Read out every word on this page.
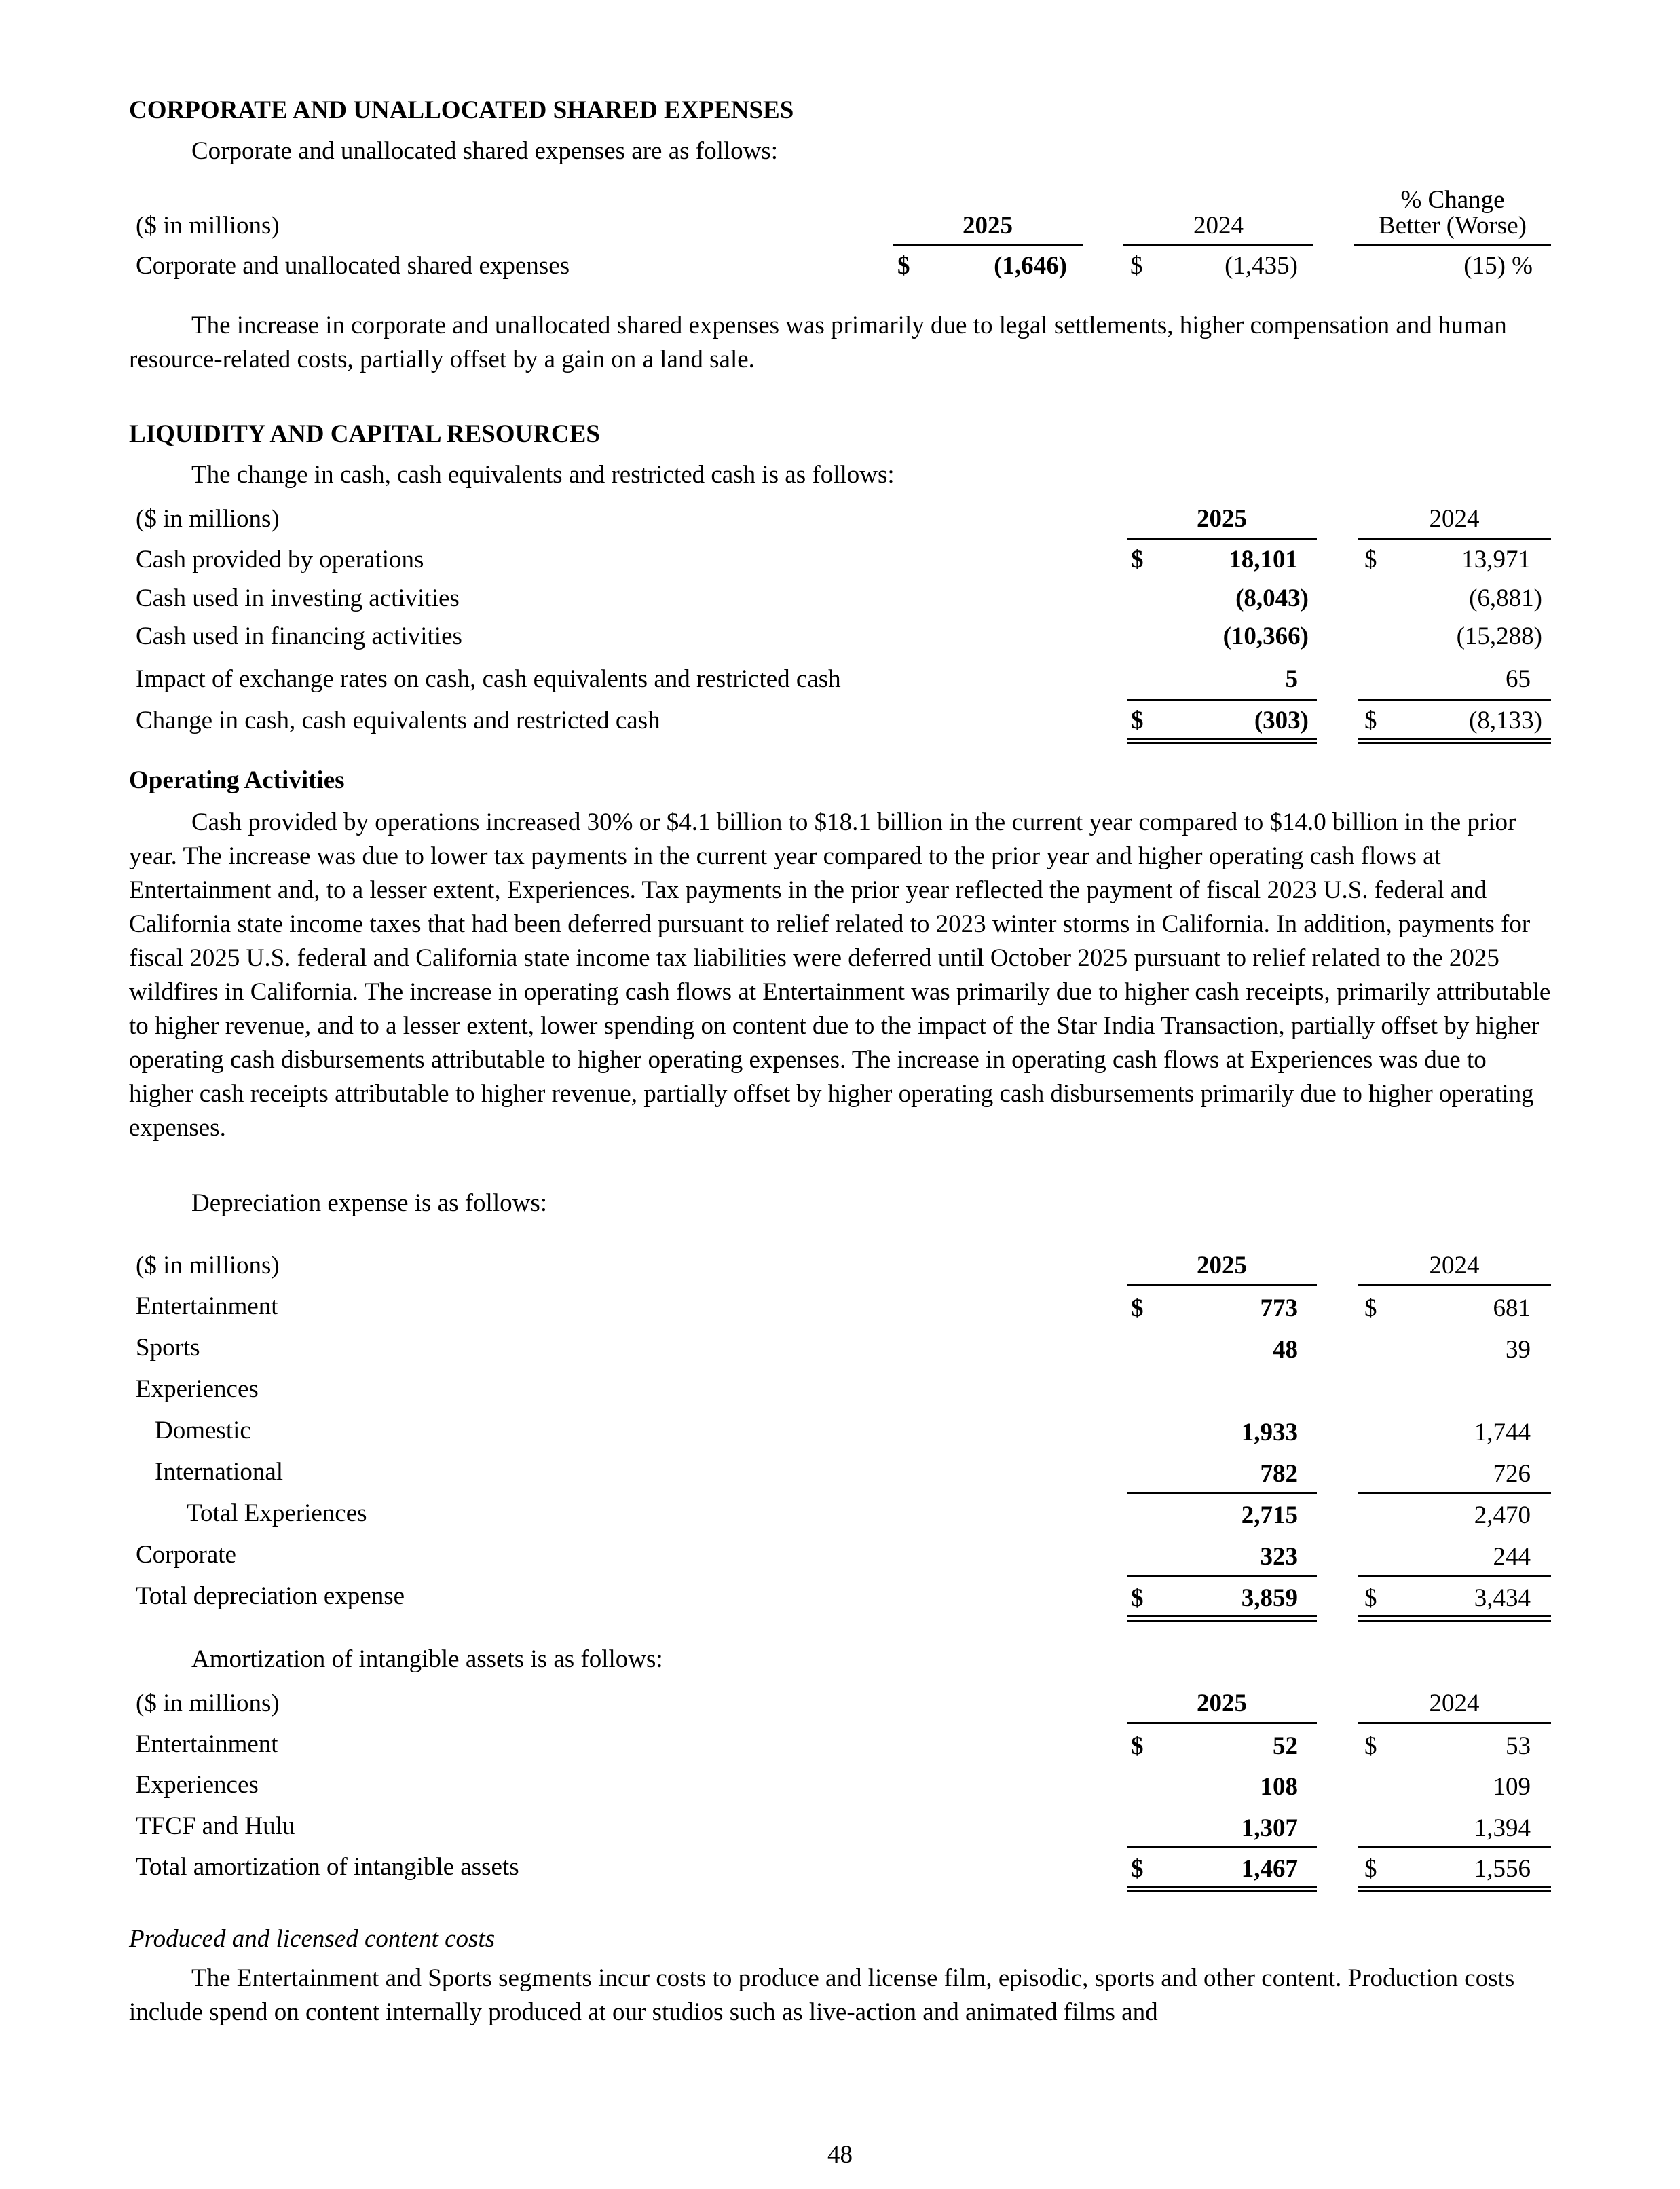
CORPORATE AND UNALLOCATED SHARED EXPENSES
Corporate and unallocated shared expenses are as follows:
% Change
($ in millions)	2025	2024	Better (Worse)
Corporate and unallocated shared expenses	$	(1,646)	$	(1,435)	(15) %

The increase in corporate and unallocated shared expenses was primarily due to legal settlements, higher compensation and human resource-related costs, partially offset by a gain on a land sale.

LIQUIDITY AND CAPITAL RESOURCES
The change in cash, cash equivalents and restricted cash is as follows:
($ in millions)	2025	2024
Cash provided by operations	$	18,101	$	13,971
Cash used in investing activities	(8,043)	(6,881)
Cash used in financing activities	(10,366)	(15,288)
Impact of exchange rates on cash, cash equivalents and restricted cash	5	65
Change in cash, cash equivalents and restricted cash	$	(303) $	(8,133)
Operating Activities

Cash provided by operations increased 30% or $4.1 billion to $18.1 billion in the current year compared to $14.0 billion in the prior year. The increase was due to lower tax payments in the current year compared to the prior year and higher operating cash flows at Entertainment and, to a lesser extent, Experiences. Tax payments in the prior year reflected the payment of fiscal 2023 U.S. federal and California state income taxes that had been deferred pursuant to relief related to 2023 winter storms in California. In addition, payments for fiscal 2025 U.S. federal and California state income tax liabilities were deferred until October 2025 pursuant to relief related to the 2025 wildfires in California. The increase in operating cash flows at Entertainment was primarily due to higher cash receipts, primarily attributable to higher revenue, and to a lesser extent, lower spending on content due to the impact of the Star India Transaction, partially offset by higher operating cash disbursements attributable to higher operating expenses. The increase in operating cash flows at Experiences was due to higher cash receipts attributable to higher revenue, partially offset by higher operating cash disbursements primarily due to higher operating expenses.

Depreciation expense is as follows:
($ in millions)	2025	2024
Entertainment	$	773	$	681
Sports	48	39
Experiences
Domestic	1,933	1,744
International	782	726
Total Experiences	2,715	2,470
Corporate	323	244
Total depreciation expense	$	3,859	$	3,434
Amortization of intangible assets is as follows:
($ in millions)	2025	2024
Entertainment	$	52	$	53
Experiences	108	109
TFCF and Hulu	1,307	1,394
Total amortization of intangible assets	$	1,467	$	1,556
Produced and licensed content costs

The Entertainment and Sports segments incur costs to produce and license film, episodic, sports and other content. Production costs include spend on content internally produced at our studios such as live-action and animated films and

48
